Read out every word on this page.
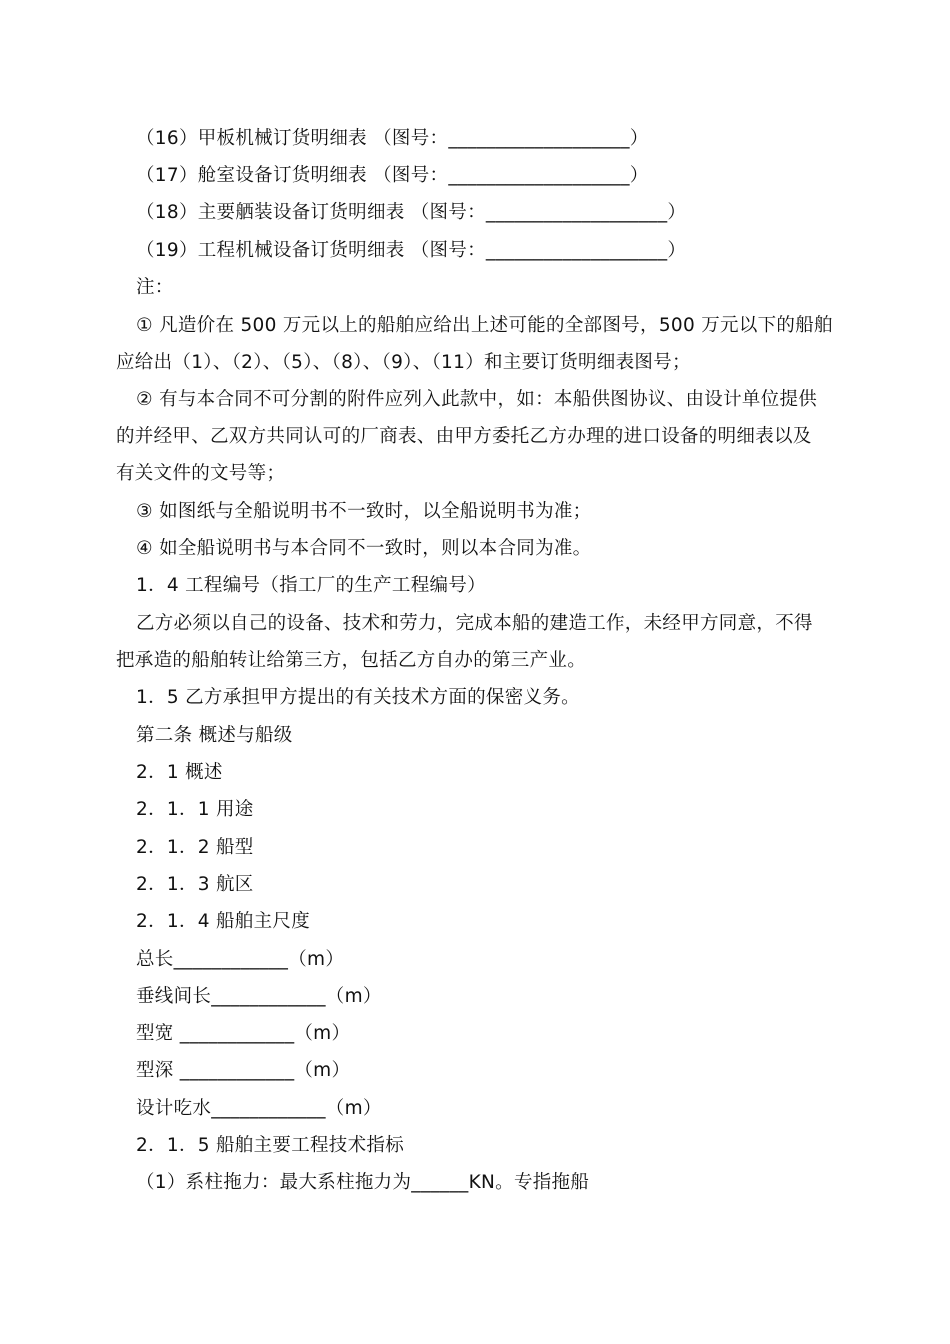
（16）甲板机械订货明细表 （图号：___________________）
（17）舱室设备订货明细表 （图号：___________________）
（18）主要舾装设备订货明细表 （图号：___________________）
（19）工程机械设备订货明细表 （图号：___________________）
注：
① 凡造价在 500 万元以上的船舶应给出上述可能的全部图号，500 万元以下的船舶
应给出（1）、（2）、（5）、（8）、（9）、（11）和主要订货明细表图号；
② 有与本合同不可分割的附件应列入此款中，如：本船供图协议、由设计单位提供
的并经甲、乙双方共同认可的厂商表、由甲方委托乙方办理的进口设备的明细表以及
有关文件的文号等；
③ 如图纸与全船说明书不一致时，以全船说明书为准；
④ 如全船说明书与本合同不一致时，则以本合同为准。
1．4 工程编号（指工厂的生产工程编号）
乙方必须以自己的设备、技术和劳力，完成本船的建造工作，未经甲方同意，不得
把承造的船舶转让给第三方，包括乙方自办的第三产业。
1．5 乙方承担甲方提出的有关技术方面的保密义务。
第二条 概述与船级
2．1 概述
2．1．1 用途
2．1．2 船型
2．1．3 航区
2．1．4 船舶主尺度
总长____________（m）
垂线间长____________（m）
型宽 ____________（m）
型深 ____________（m）
设计吃水____________（m）
2．1．5 船舶主要工程技术指标
（1）系柱拖力：最大系柱拖力为______KN。专指拖船
